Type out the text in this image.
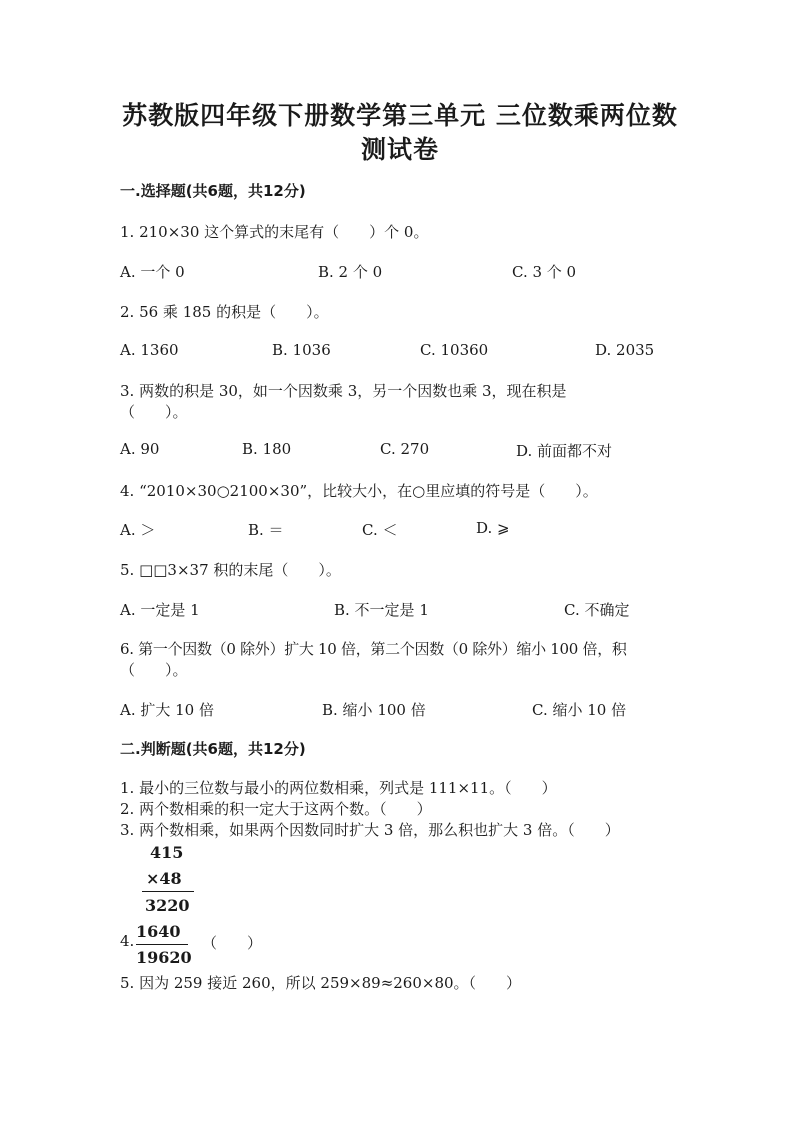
苏教版四年级下册数学第三单元 三位数乘两位数
测试卷
一.选择题(共6题，共12分)
1. 210×30 这个算式的末尾有（　　）个 0。
A. 一个 0	B. 2 个 0	C. 3 个 0
2. 56 乘 185 的积是（　　）。
A. 1360	B. 1036	C. 10360	D. 2035
3. 两数的积是 30，如一个因数乘 3，另一个因数也乘 3，现在积是
（　　）。
A. 90	B. 180	C. 270	D. 前面都不对
4. “2010×30○2100×30”，比较大小，在○里应填的符号是（　　）。
A. ＞	B. ＝	C. ＜	D. ⩾
5. □□3×37 积的末尾（　　）。
A. 一定是 1	B. 不一定是 1	C. 不确定
6. 第一个因数（0 除外）扩大 10 倍，第二个因数（0 除外）缩小 100 倍，积
（　　）。
A. 扩大 10 倍	B. 缩小 100 倍	C. 缩小 10 倍
二.判断题(共6题，共12分)
1. 最小的三位数与最小的两位数相乘，列式是 111×11。（　　）
2. 两个数相乘的积一定大于这两个数。（　　）
3. 两个数相乘，如果两个因数同时扩大 3 倍，那么积也扩大 3 倍。（　　）
415
×48
3220
1640
19620
4.	（　　）
5. 因为 259 接近 260，所以 259×89≈260×80。（　　）
